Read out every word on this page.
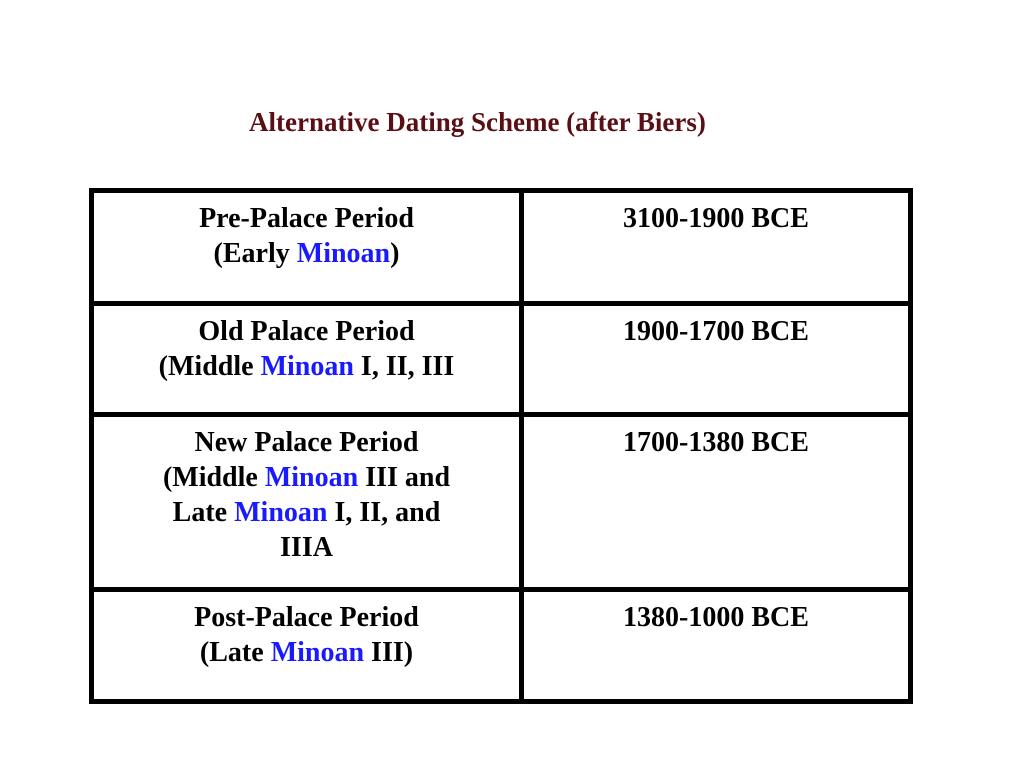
Alternative Dating Scheme (after Biers)
Pre-Palace Period
(Early Minoan)	3100-1900 BCE

Old Palace Period
(Middle Minoan I, II, III	1900-1700 BCE

New Palace Period
(Middle Minoan III and
Late Minoan I, II, and
IIIA	1700-1380 BCE

Post-Palace Period
(Late Minoan III)	1380-1000 BCE
